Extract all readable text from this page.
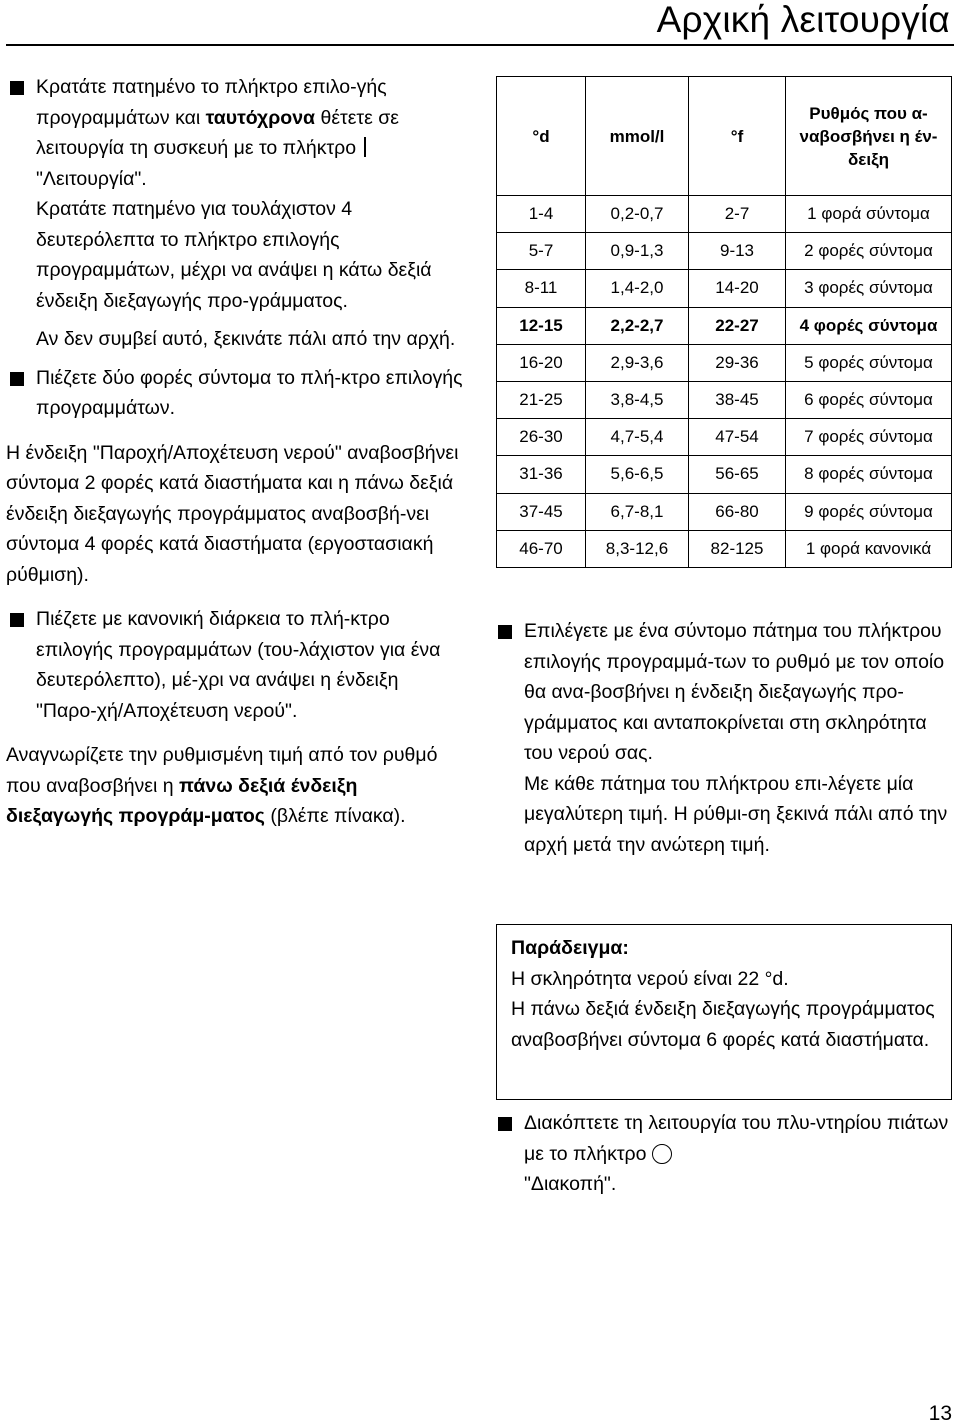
Αρχική λειτουργία
Κρατάτε πατημένο το πλήκτρο επιλο-γής προγραμμάτων και ταυτόχρονα θέτετε σε λειτουργία τη συσκευή με το πλήκτρο "Λειτουργία".
Κρατάτε πατημένο για τουλάχιστον 4 δευτερόλεπτα το πλήκτρο επιλογής προγραμμάτων, μέχρι να ανάψει η κάτω δεξιά ένδειξη διεξαγωγής προ-γράμματος.
Αν δεν συμβεί αυτό, ξεκινάτε πάλι από την αρχή.
Πιέζετε δύο φορές σύντομα το πλή-κτρο επιλογής προγραμμάτων.

Η ένδειξη "Παροχή/Αποχέτευση νερού" αναβοσβήνει σύντομα 2 φορές κατά διαστήματα και η πάνω δεξιά ένδειξη διεξαγωγής προγράμματος αναβοσβή-νει σύντομα 4 φορές κατά διαστήματα (εργοστασιακή ρύθμιση).

Πιέζετε με κανονική διάρκεια το πλή-κτρο επιλογής προγραμμάτων (του-λάχιστον για ένα δευτερόλεπτο), μέ-χρι να ανάψει η ένδειξη "Παρο-χή/Αποχέτευση νερού".

Αναγνωρίζετε την ρυθμισμένη τιμή από τον ρυθμό που αναβοσβήνει η πάνω δεξιά ένδειξη διεξαγωγής προγράμ-ματος (βλέπε πίνακα).

°d	mmol/l	°f	Ρυθμός που α-ναβοσβήνει η έν-δειξη
1-4	0,2-0,7	2-7	1 φορά σύντομα
5-7	0,9-1,3	9-13	2 φορές σύντομα
8-11	1,4-2,0	14-20	3 φορές σύντομα
12-15	2,2-2,7	22-27	4 φορές σύντομα
16-20	2,9-3,6	29-36	5 φορές σύντομα
21-25	3,8-4,5	38-45	6 φορές σύντομα
26-30	4,7-5,4	47-54	7 φορές σύντομα
31-36	5,6-6,5	56-65	8 φορές σύντομα
37-45	6,7-8,1	66-80	9 φορές σύντομα
46-70	8,3-12,6	82-125	1 φορά κανονικά
Επιλέγετε με ένα σύντομο πάτημα του πλήκτρου επιλογής προγραμμά-των το ρυθμό με τον οποίο θα ανα-βοσβήνει η ένδειξη διεξαγωγής προ-γράμματος και ανταποκρίνεται στη σκληρότητα του νερού σας.
Με κάθε πάτημα του πλήκτρου επι-λέγετε μία μεγαλύτερη τιμή. Η ρύθμι-ση ξεκινά πάλι από την αρχή μετά την ανώτερη τιμή.
Παράδειγμα:
Η σκληρότητα νερού είναι 22 °d.
Η πάνω δεξιά ένδειξη διεξαγωγής προγράμματος αναβοσβήνει σύντομα 6 φορές κατά διαστήματα.
Διακόπτετε τη λειτουργία του πλυ-ντηρίου πιάτων με το πλήκτρο
"Διακοπή".
13
